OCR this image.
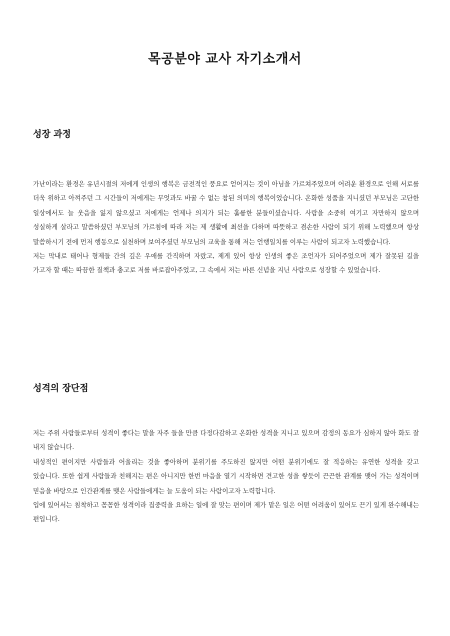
목공분야 교사 자기소개서
성장 과정

가난이라는 환경은 유년시절의 저에게 인생의 행복은 금전적인 풍요로 얻어지는 것이 아님을 가르쳐주었으며 어려운 환경으로 인해 서로를 더욱 위하고 아껴주던 그 시간들이 저에게는 무엇과도 바꿀 수 없는 참된 의미의 행복이었습니다. 온화한 성품을 지니셨던 부모님은 고단한 일상에서도 늘 웃음을 잃지 않으셨고 저에게는 언제나 의지가 되는 훌륭한 분들이셨습니다. 사람을 소중히 여기고 자만하지 않으며 성실하게 살라고 말씀하셨던 부모님의 가르침에 따라 저는 제 생활에 최선을 다하며 따뜻하고 겸손한 사람이 되기 위해 노력했으며 항상 말씀하시기 전에 먼저 행동으로 실천하며 보여주셨던 부모님의 교육을 통해 저는 언행일치를 이루는 사람이 되고자 노력했습니다.

저는 막내로 태어나 형제들 간의 깊은 우애를 간직하며 자랐고, 제게 있어 항상 인생의 좋은 조언자가 되어주었으며 제가 잘못된 길을 가고자 할 때는 따끔한 질책과 충고로 저를 바로잡아주었고, 그 속에서 저는 바른 신념을 지닌 사람으로 성장할 수 있었습니다.

성격의 장단점

저는 주위 사람들로부터 성격이 좋다는 말을 자주 들을 만큼 다정다감하고 온화한 성격을 지니고 있으며 감정의 동요가 심하지 않아 화도 잘 내지 않습니다.

내성적인 편이지만 사람들과 어울리는 것을 좋아하며 분위기를 주도하진 않지만 어떤 분위기에도 잘 적응하는 유연한 성격을 갖고 있습니다. 또한 쉽게 사람들과 친해지는 편은 아니지만 한번 마음을 열기 시작하면 견고한 성을 쌓듯이 끈끈한 관계를 맺어 가는 성격이며 믿음을 바탕으로 인간관계를 맺은 사람들에게는 늘 도움이 되는 사람이고자 노력합니다.

입에 있어서는 침착하고 꼼꼼한 성격이라 집중력을 요하는 일에 잘 맞는 편이며 제가 맡은 일은 어떤 어려움이 있어도 끈기 있게 완수해내는 편입니다.
